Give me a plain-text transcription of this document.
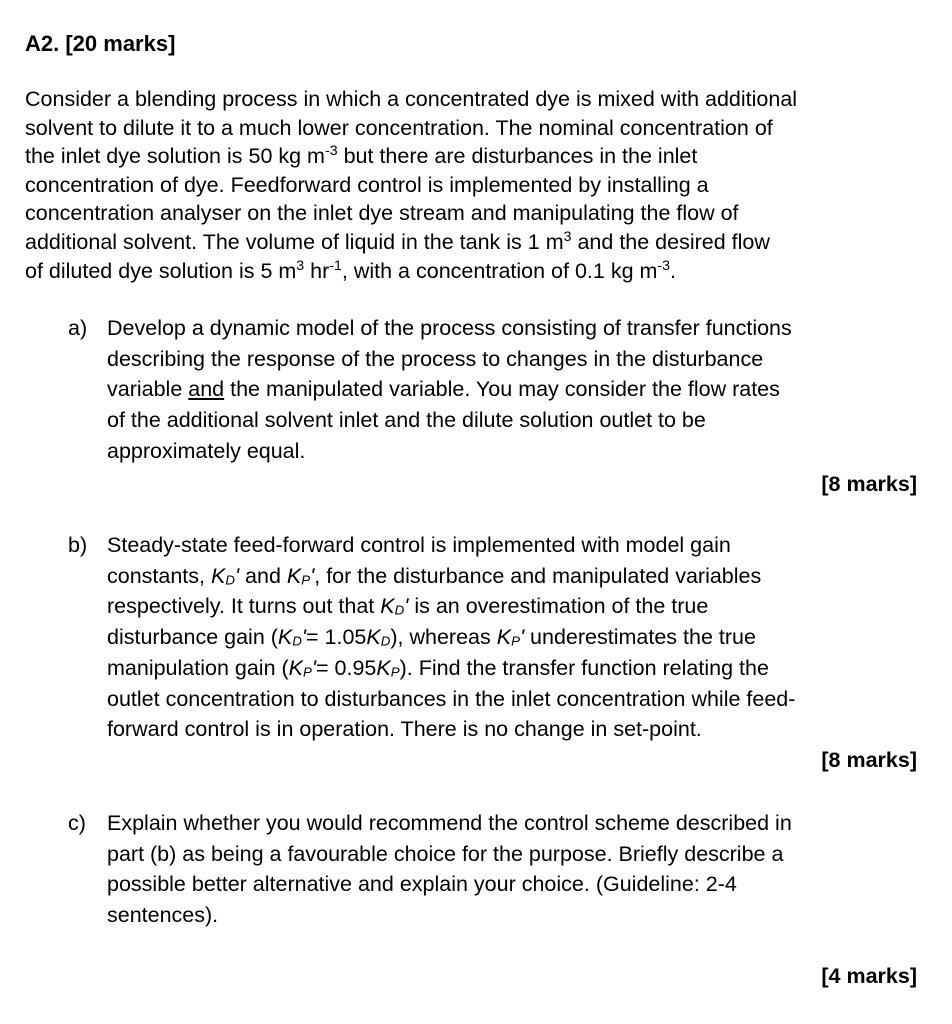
A2. [20 marks]
Consider a blending process in which a concentrated dye is mixed with additional
solvent to dilute it to a much lower concentration. The nominal concentration of
the inlet dye solution is 50 kg $m^{-3}$ but there are disturbances in the inlet
concentration of dye. Feedforward control is implemented by installing a
concentration analyser on the inlet dye stream and manipulating the flow of
additional solvent. The volume of liquid in the tank is 1 $m^3$ and the desired flow
of diluted dye solution is 5 $m^3$ $hr^{-1}$, with a concentration of 0.1 kg $m^{-3}$.
a) Develop a dynamic model of the process consisting of transfer functions
describing the response of the process to changes in the disturbance
variable and the manipulated variable. You may consider the flow rates
of the additional solvent inlet and the dilute solution outlet to be
approximately equal.
[8 marks]
b) Steady-state feed-forward control is implemented with model gain
constants, $K_Dʹ$ and $K_Pʹ$, for the disturbance and manipulated variables
respectively. It turns out that $K_Dʹ$ is an overestimation of the true
disturbance gain $(K_Dʹ= 1.05K_D)$, whereas $K_Pʹ$ underestimates the true
manipulation gain $(K_Pʹ= 0.95K_P)$. Find the transfer function relating the
outlet concentration to disturbances in the inlet concentration while feed-
forward control is in operation. There is no change in set-point.
[8 marks]
c) Explain whether you would recommend the control scheme described in
part (b) as being a favourable choice for the purpose. Briefly describe a
possible better alternative and explain your choice. (Guideline: 2-4
sentences).
[4 marks]
